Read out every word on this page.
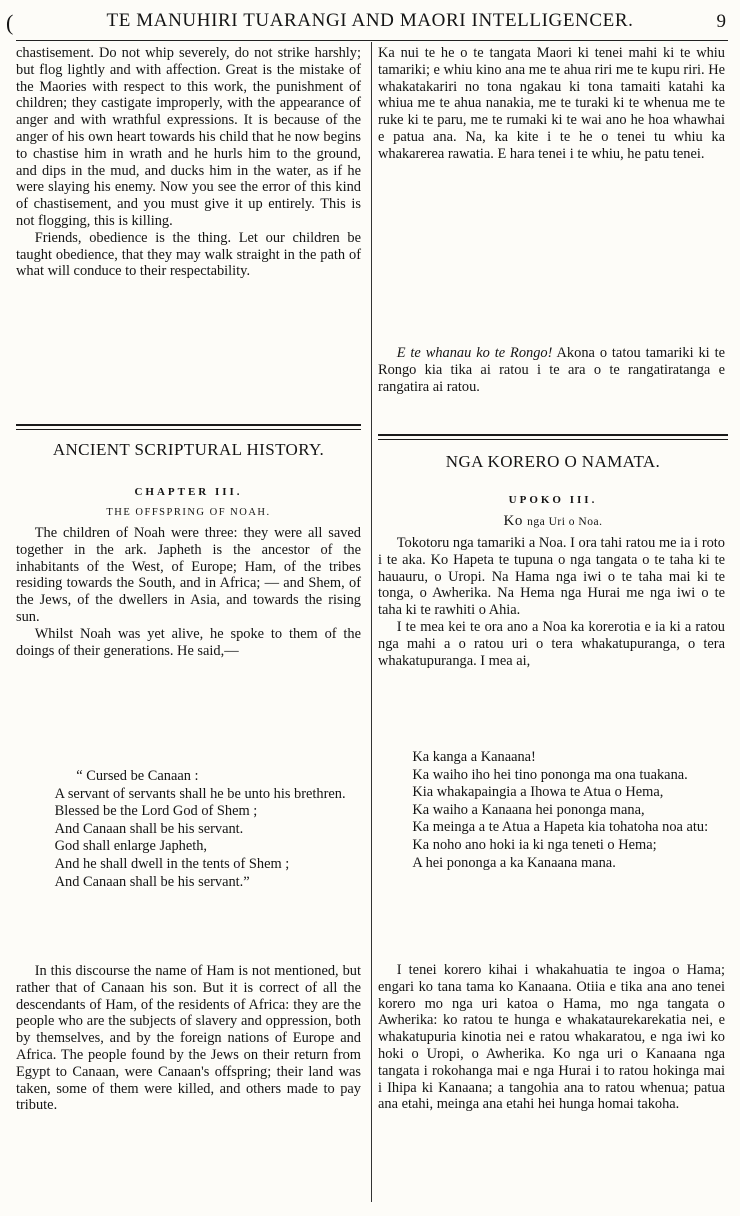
(	TE MANUHIRI TUARANGI AND MAORI INTELLIGENCER.	9

chastisement. Do not whip severely, do not strike harshly; but flog lightly and with affection. Great is the mistake of the Maories with respect to this work, the punishment of children; they castigate improperly, with the appearance of anger and with wrathful expressions. It is because of the anger of his own heart towards his child that he now begins to chastise him in wrath and he hurls him to the ground, and dips in the mud, and ducks him in the water, as if he were slaying his enemy. Now you see the error of this kind of chastisement, and you must give it up entirely. This is not flogging, this is killing.

Friends, obedience is the thing. Let our children be taught obedience, that they may walk straight in the path of what will conduce to their respectability.

Ka nui te he o te tangata Maori ki tenei mahi ki te whiu tamariki; e whiu kino ana me te ahua riri me te kupu riri. He whakatakariri no tona ngakau ki tona tamaiti katahi ka whiua me te ahua nanakia, me te turaki ki te whenua me te ruke ki te paru, me te rumaki ki te wai ano he hoa whawhai e patua ana. Na, ka kite i te he o tenei tu whiu ka whakarerea rawatia. E hara tenei i te whiu, he patu tenei.

E te whanau ko te Rongo! Akona o tatou tamariki ki te Rongo kia tika ai ratou i te ara o te rangatiratanga e rangatira ai ratou.

ANCIENT SCRIPTURAL HISTORY.
CHAPTER III.
THE OFFSPRING OF NOAH.

The children of Noah were three: they were all saved together in the ark. Japheth is the ancestor of the inhabitants of the West, of Europe; Ham, of the tribes residing towards the South, and in Africa; — and Shem, of the Jews, of the dwellers in Asia, and towards the rising sun.

Whilst Noah was yet alive, he spoke to them of the doings of their generations. He said,—

“ Cursed be Canaan :

A servant of servants shall he be unto his brethren.

Blessed be the Lord God of Shem ;

And Canaan shall be his servant.

God shall enlarge Japheth,

And he shall dwell in the tents of Shem ;

And Canaan shall be his servant.”

In this discourse the name of Ham is not mentioned, but rather that of Canaan his son. But it is correct of all the descendants of Ham, of the residents of Africa: they are the people who are the subjects of slavery and oppression, both by themselves, and by the foreign nations of Europe and Africa. The people found by the Jews on their return from Egypt to Canaan, were Canaan's offspring; their land was taken, some of them were killed, and others made to pay tribute.

NGA KORERO O NAMATA.
UPOKO III.
Ko nga Uri o Noa.

Tokotoru nga tamariki a Noa. I ora tahi ratou me ia i roto i te aka. Ko Hapeta te tupuna o nga tangata o te taha ki te hauauru, o Uropi. Na Hama nga iwi o te taha mai ki te tonga, o Awherika. Na Hema nga Hurai me nga iwi o te taha ki te rawhiti o Ahia.

I te mea kei te ora ano a Noa ka korerotia e ia ki a ratou nga mahi a o ratou uri o tera whakatupuranga, o tera whakatupuranga. I mea ai,

Ka kanga a Kanaana!

Ka waiho iho hei tino pononga ma ona tuakana.

Kia whakapaingia a Ihowa te Atua o Hema,

Ka waiho a Kanaana hei pononga mana,

Ka meinga a te Atua a Hapeta kia tohatoha noa atu:

Ka noho ano hoki ia ki nga teneti o Hema;

A hei pononga a ka Kanaana mana.

I tenei korero kihai i whakahuatia te ingoa o Hama; engari ko tana tama ko Kanaana. Otiia e tika ana ano tenei korero mo nga uri katoa o Hama, mo nga tangata o Awherika: ko ratou te hunga e whakataurekarekatia nei, e whakatupuria kinotia nei e ratou whakaratou, e nga iwi ko hoki o Uropi, o Awherika. Ko nga uri o Kanaana nga tangata i rokohanga mai e nga Hurai i to ratou hokinga mai i Ihipa ki Kanaana; a tangohia ana to ratou whenua; patua ana etahi, meinga ana etahi hei hunga homai takoha.
